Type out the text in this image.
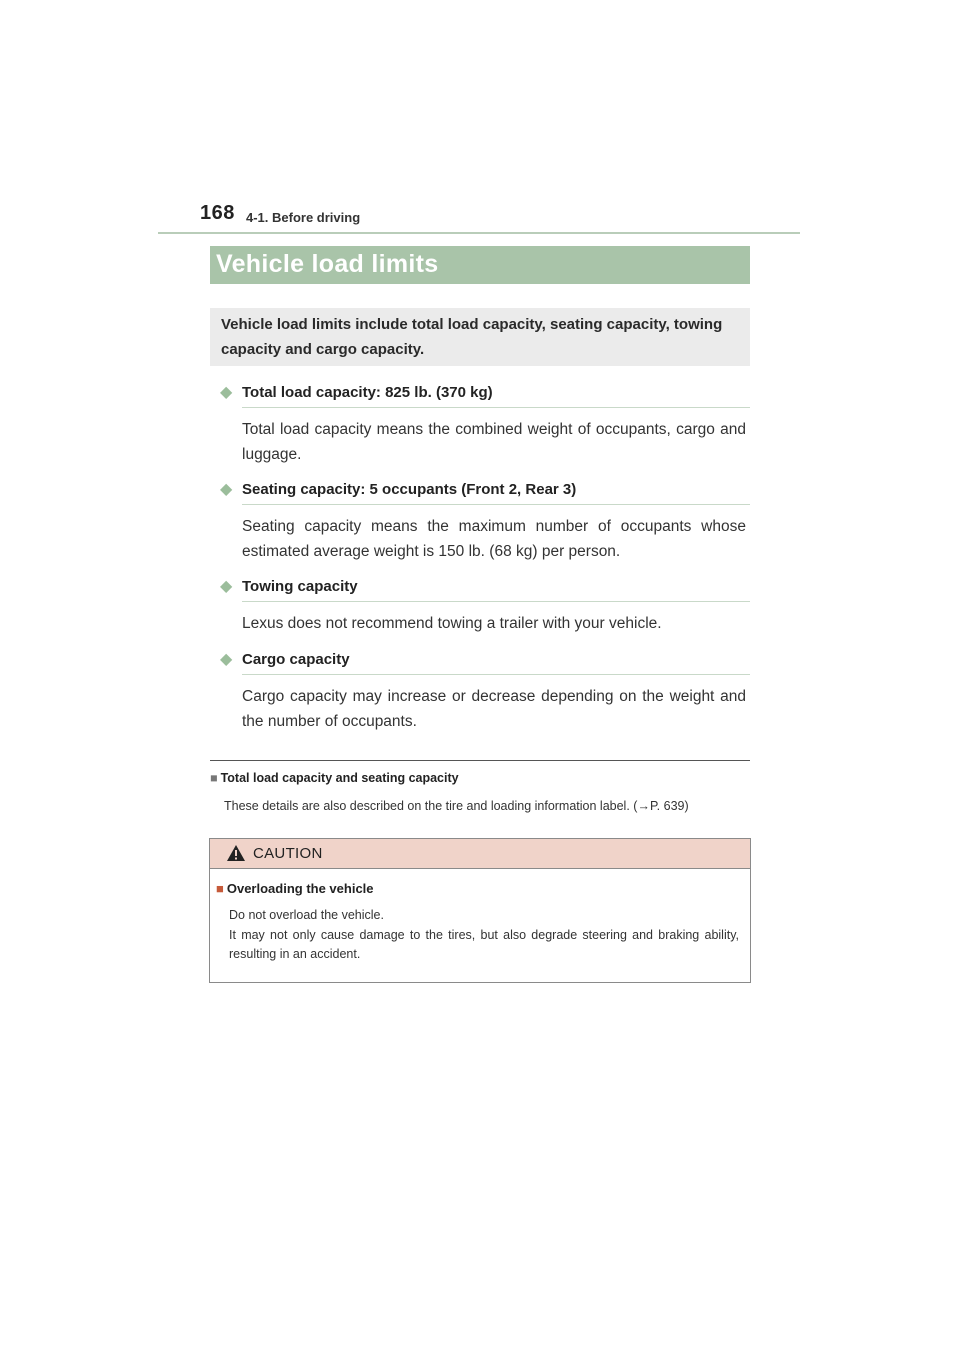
168 4-1. Before driving
Vehicle load limits
Vehicle load limits include total load capacity, seating capacity, towing capacity and cargo capacity.
◆ Total load capacity: 825 lb. (370 kg)
Total load capacity means the combined weight of occupants, cargo and luggage.
◆ Seating capacity: 5 occupants (Front 2, Rear 3)
Seating capacity means the maximum number of occupants whose estimated average weight is 150 lb. (68 kg) per person.
◆ Towing capacity
Lexus does not recommend towing a trailer with your vehicle.
◆ Cargo capacity
Cargo capacity may increase or decrease depending on the weight and the number of occupants.
■ Total load capacity and seating capacity
These details are also described on the tire and loading information label. (→P. 639)
CAUTION
■ Overloading the vehicle
Do not overload the vehicle.
It may not only cause damage to the tires, but also degrade steering and braking ability, resulting in an accident.
